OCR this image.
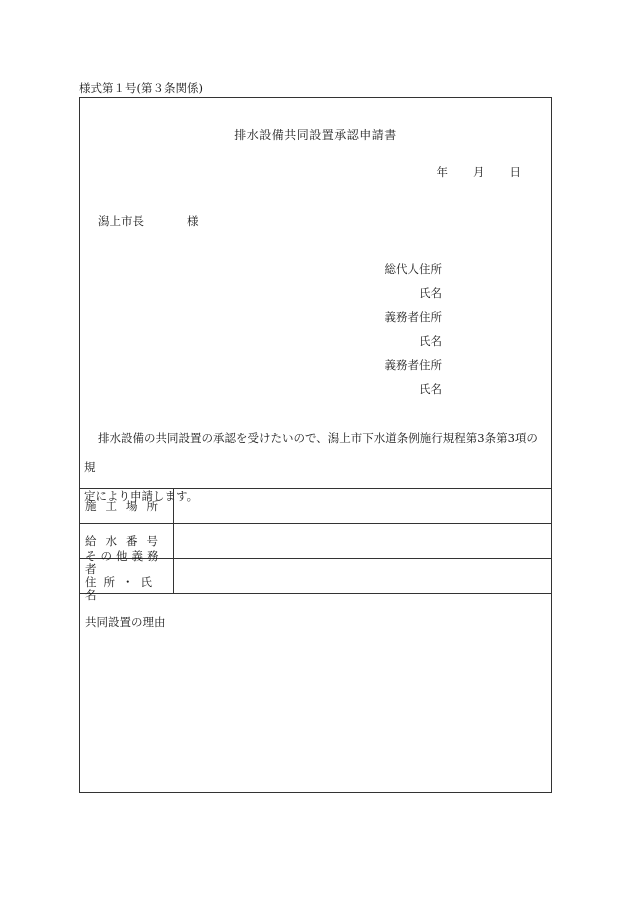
様式第１号(第３条関係)
排水設備共同設置承認申請書
年 月 日
潟上市長	様
総代人住所
氏名
義務者住所
氏名
義務者住所
氏名
排水設備の共同設置の承認を受けたいので、潟上市下水道条例施行規程第3条第3項の規
定により申請します。
施工場所
給水番号
その他義務者
住所・氏名
共同設置の理由
